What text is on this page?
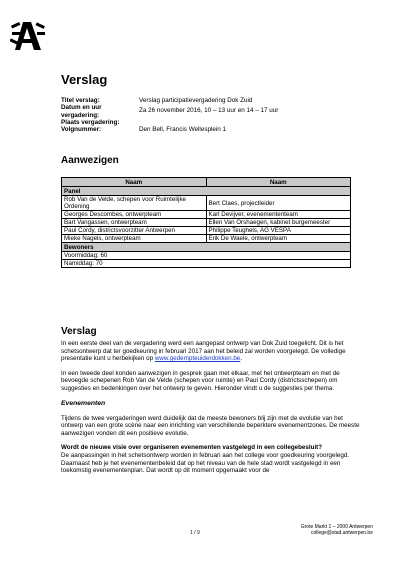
Verslag
Titel verslag:	Verslag participatievergadering Dok Zuid
Datum en uur vergadering:
Za 26 november 2016, 10 – 13 uur en 14 – 17 uur
Plaats vergadering:
Volgnummer:	Den Bell, Francis Wellesplein 1
Aanwezigen
Naam	Naam
Panel	
Rob Van de Velde, schepen voor Ruimtelijke Ordening	Bert Claes, projectleider
Georges Descombes, ontwerpteam	Karl Devijver, evenemententeam
Bart Vangassen, ontwerpteam	Ellen Van Orshaegen, kabinet burgemeester
Paul Cordy, districtsvoorzitter Antwerpen	Philippe Teughels, AG VESPA
Mieke Nagels, ontwerpteam	Erik De Waele, ontwerpteam
Bewoners	
Voormiddag: 60	
Namiddag: 70	
Verslag

In een eerste deel van de vergadering werd een aangepast ontwerp van Dok Zuid toegelicht. Dit is het schetsontwerp dat ter goedkeuring in februari 2017 aan het beleid zal worden voorgelegd. De volledige presentatie kunt u herbekijken op www.gedempteuiderdokken.be.

In een tweede deel konden aanwezigen in gesprek gaan met elkaar, met het ontwerpteam en met de bevoegde schepenen Rob Van de Velde (schepen voor ruimte) en Paul Cordy (districtsschepen) om suggesties en bedenkingen over het ontwerp te geven. Hieronder vindt u de suggesties per thema.

Evenementen

Tijdens de twee vergaderingen werd duidelijk dat de meeste bewoners blij zijn met de evolutie van het ontwerp van een grote scène naar een inrichting van verschillende beperktere evenementzones. De meeste aanwezigen vonden dit een positieve evolutie.

Wordt de nieuwe visie over organiseren evenementen vastgelegd in een collegebesluit?

De aanpassingen in het schetsontwerp worden in februari aan het college voor goedkeuring voorgelegd. Daarnaast heb je het evenementenbeleid dat op het niveau van de hele stad wordt vastgelegd in een toekomstig evenementenplan. Dat wordt op dit moment opgemaakt voor de

1 / 9
Grote Markt 1 – 2000 Antwerpen
college@stad.antwerpen.be
